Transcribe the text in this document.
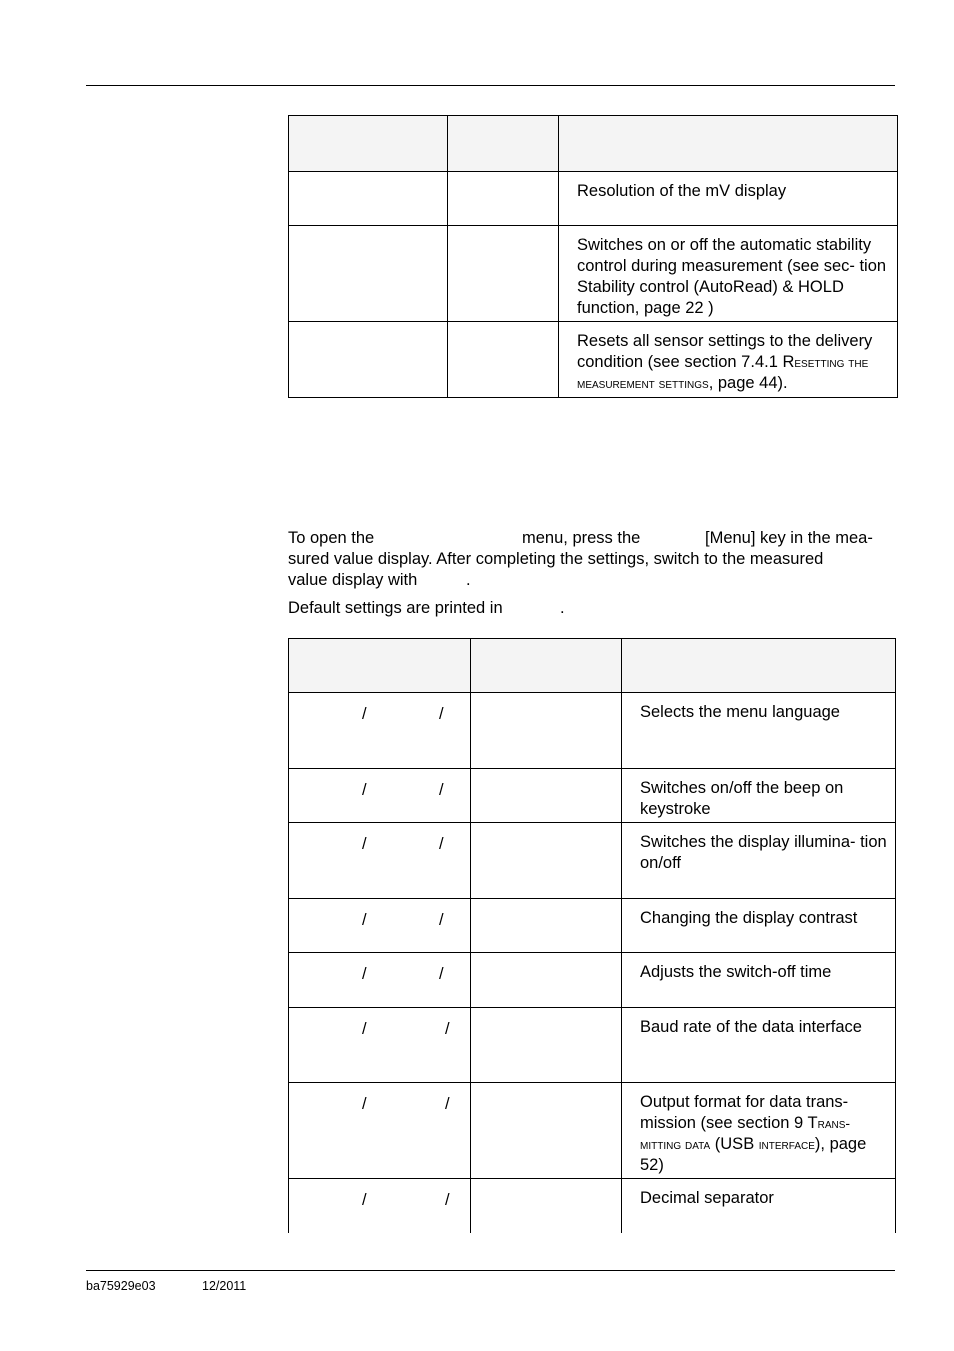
		Resolution of the mV display
		Switches on or off the automatic stability control during measurement (see sec- tion Stability control (AutoRead) & HOLD function, page 22 )
		Resets all sensor settings to the delivery condition (see section 7.4.1 Resetting the measurement settings, page 44).
To open the	menu, press the	[Menu] key in the mea-
sured value display. After completing the settings, switch to the measured
value display with	.
Default settings are printed in	.

/ /		Selects the menu language

/ /		Switches on/off the beep on keystroke

/ /		Switches the display illumina- tion on/off

/ /		Changing the display contrast

/ /		Adjusts the switch-off time

/ /		Baud rate of the data interface

/ /		Output format for data trans- mission (see section 9 Trans- mitting data (USB interface), page 52)

/ /		Decimal separator
ba75929e03	12/2011
